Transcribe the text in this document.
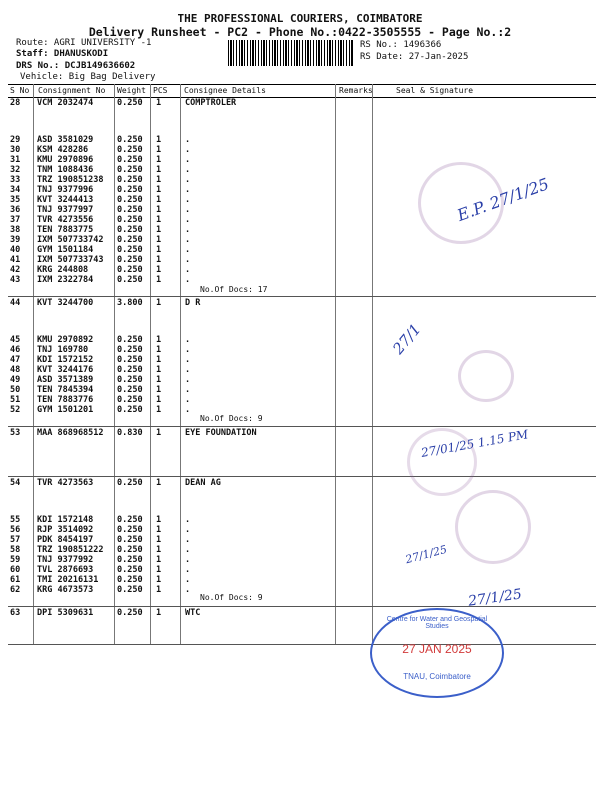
THE PROFESSIONAL COURIERS, COIMBATORE
Delivery Runsheet - PC2 - Phone No.:0422-3505555 - Page No.:2
Route: AGRI UNIVERSITY -1
Staff: DHANUSKODI
DRS No.: DCJB149636602
Vehicle: Big Bag Delivery
RS No.: 1496366
RS Date: 27-Jan-2025
S No Consignment No Weight PCS Consignee Details	Remarks	Seal & Signature
28 VCM 2032474	0.250 1	COMPTROLER
29 ASD 3581029	0.250 1	.
30 KSM 428286	0.250 1	.
31 KMU 2970896	0.250 1	.
32 TNM 1088436	0.250 1	.
33 TRZ 190851238 0.250 1	.
34 TNJ 9377996	0.250 1	.
35 KVT 3244413	0.250 1	.
36 TNJ 9377997	0.250 1	.
37 TVR 4273556	0.250 1	.
38 TEN 7883775	0.250 1	.
39 IXM 507733742 0.250 1	.
40 GYM 1501184	0.250 1	.
41 IXM 507733743 0.250 1	.
42 KRG 244808	0.250 1	.
43 IXM 2322784	0.250 1	.
44 KVT 3244700	3.800 1	D R
45 KMU 2970892	0.250 1	.
46 TNJ 169780	0.250 1	.
47 KDI 1572152	0.250 1	.
48 KVT 3244176	0.250 1	.
49 ASD 3571389	0.250 1	.
50 TEN 7845394	0.250 1	.
51 TEN 7883776	0.250 1	.
52 GYM 1501201	0.250 1	.
53 MAA 868968512 0.830 1	EYE FOUNDATION
54 TVR 4273563	0.250 1	DEAN AG
55 KDI 1572148	0.250 1	.
56 RJP 3514092	0.250 1	.
57 PDK 8454197	0.250 1	.
58 TRZ 190851222 0.250 1	.
59 TNJ 9377992	0.250 1	.
60 TVL 2876693	0.250 1	.
61 TMI 20216131 0.250 1	.
62 KRG 4673573	0.250 1	.
63 DPI 5309631	0.250 1	WTC
No.Of Docs: 17
No.Of Docs: 9
No.Of Docs: 9
E.P. 27/1/25
27/1
27/01/25 1.15 PM
27/1/25
27/1/25
Centre for Water and Geospatial Studies
27 JAN 2025
TNAU, Coimbatore
